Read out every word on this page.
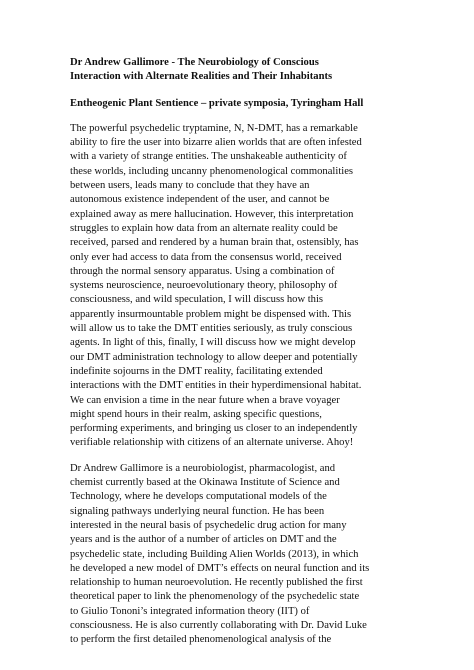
Dr Andrew Gallimore - The Neurobiology of Conscious
Interaction with Alternate Realities and Their Inhabitants
Entheogenic Plant Sentience – private symposia, Tyringham Hall
The powerful psychedelic tryptamine, N, N-DMT, has a remarkable
ability to fire the user into bizarre alien worlds that are often infested
with a variety of strange entities. The unshakeable authenticity of
these worlds, including uncanny phenomenological commonalities
between users, leads many to conclude that they have an
autonomous existence independent of the user, and cannot be
explained away as mere hallucination. However, this interpretation
struggles to explain how data from an alternate reality could be
received, parsed and rendered by a human brain that, ostensibly, has
only ever had access to data from the consensus world, received
through the normal sensory apparatus. Using a combination of
systems neuroscience, neuroevolutionary theory, philosophy of
consciousness, and wild speculation, I will discuss how this
apparently insurmountable problem might be dispensed with. This
will allow us to take the DMT entities seriously, as truly conscious
agents. In light of this, finally, I will discuss how we might develop
our DMT administration technology to allow deeper and potentially
indefinite sojourns in the DMT reality, facilitating extended
interactions with the DMT entities in their hyperdimensional habitat.
We can envision a time in the near future when a brave voyager
might spend hours in their realm, asking specific questions,
performing experiments, and bringing us closer to an independently
verifiable relationship with citizens of an alternate universe. Ahoy!
Dr Andrew Gallimore is a neurobiologist, pharmacologist, and
chemist currently based at the Okinawa Institute of Science and
Technology, where he develops computational models of the
signaling pathways underlying neural function. He has been
interested in the neural basis of psychedelic drug action for many
years and is the author of a number of articles on DMT and the
psychedelic state, including Building Alien Worlds (2013), in which
he developed a new model of DMT’s effects on neural function and its
relationship to human neuroevolution. He recently published the first
theoretical paper to link the phenomenology of the psychedelic state
to Giulio Tononi’s integrated information theory (IIT) of
consciousness. He is also currently collaborating with Dr. David Luke
to perform the first detailed phenomenological analysis of the
